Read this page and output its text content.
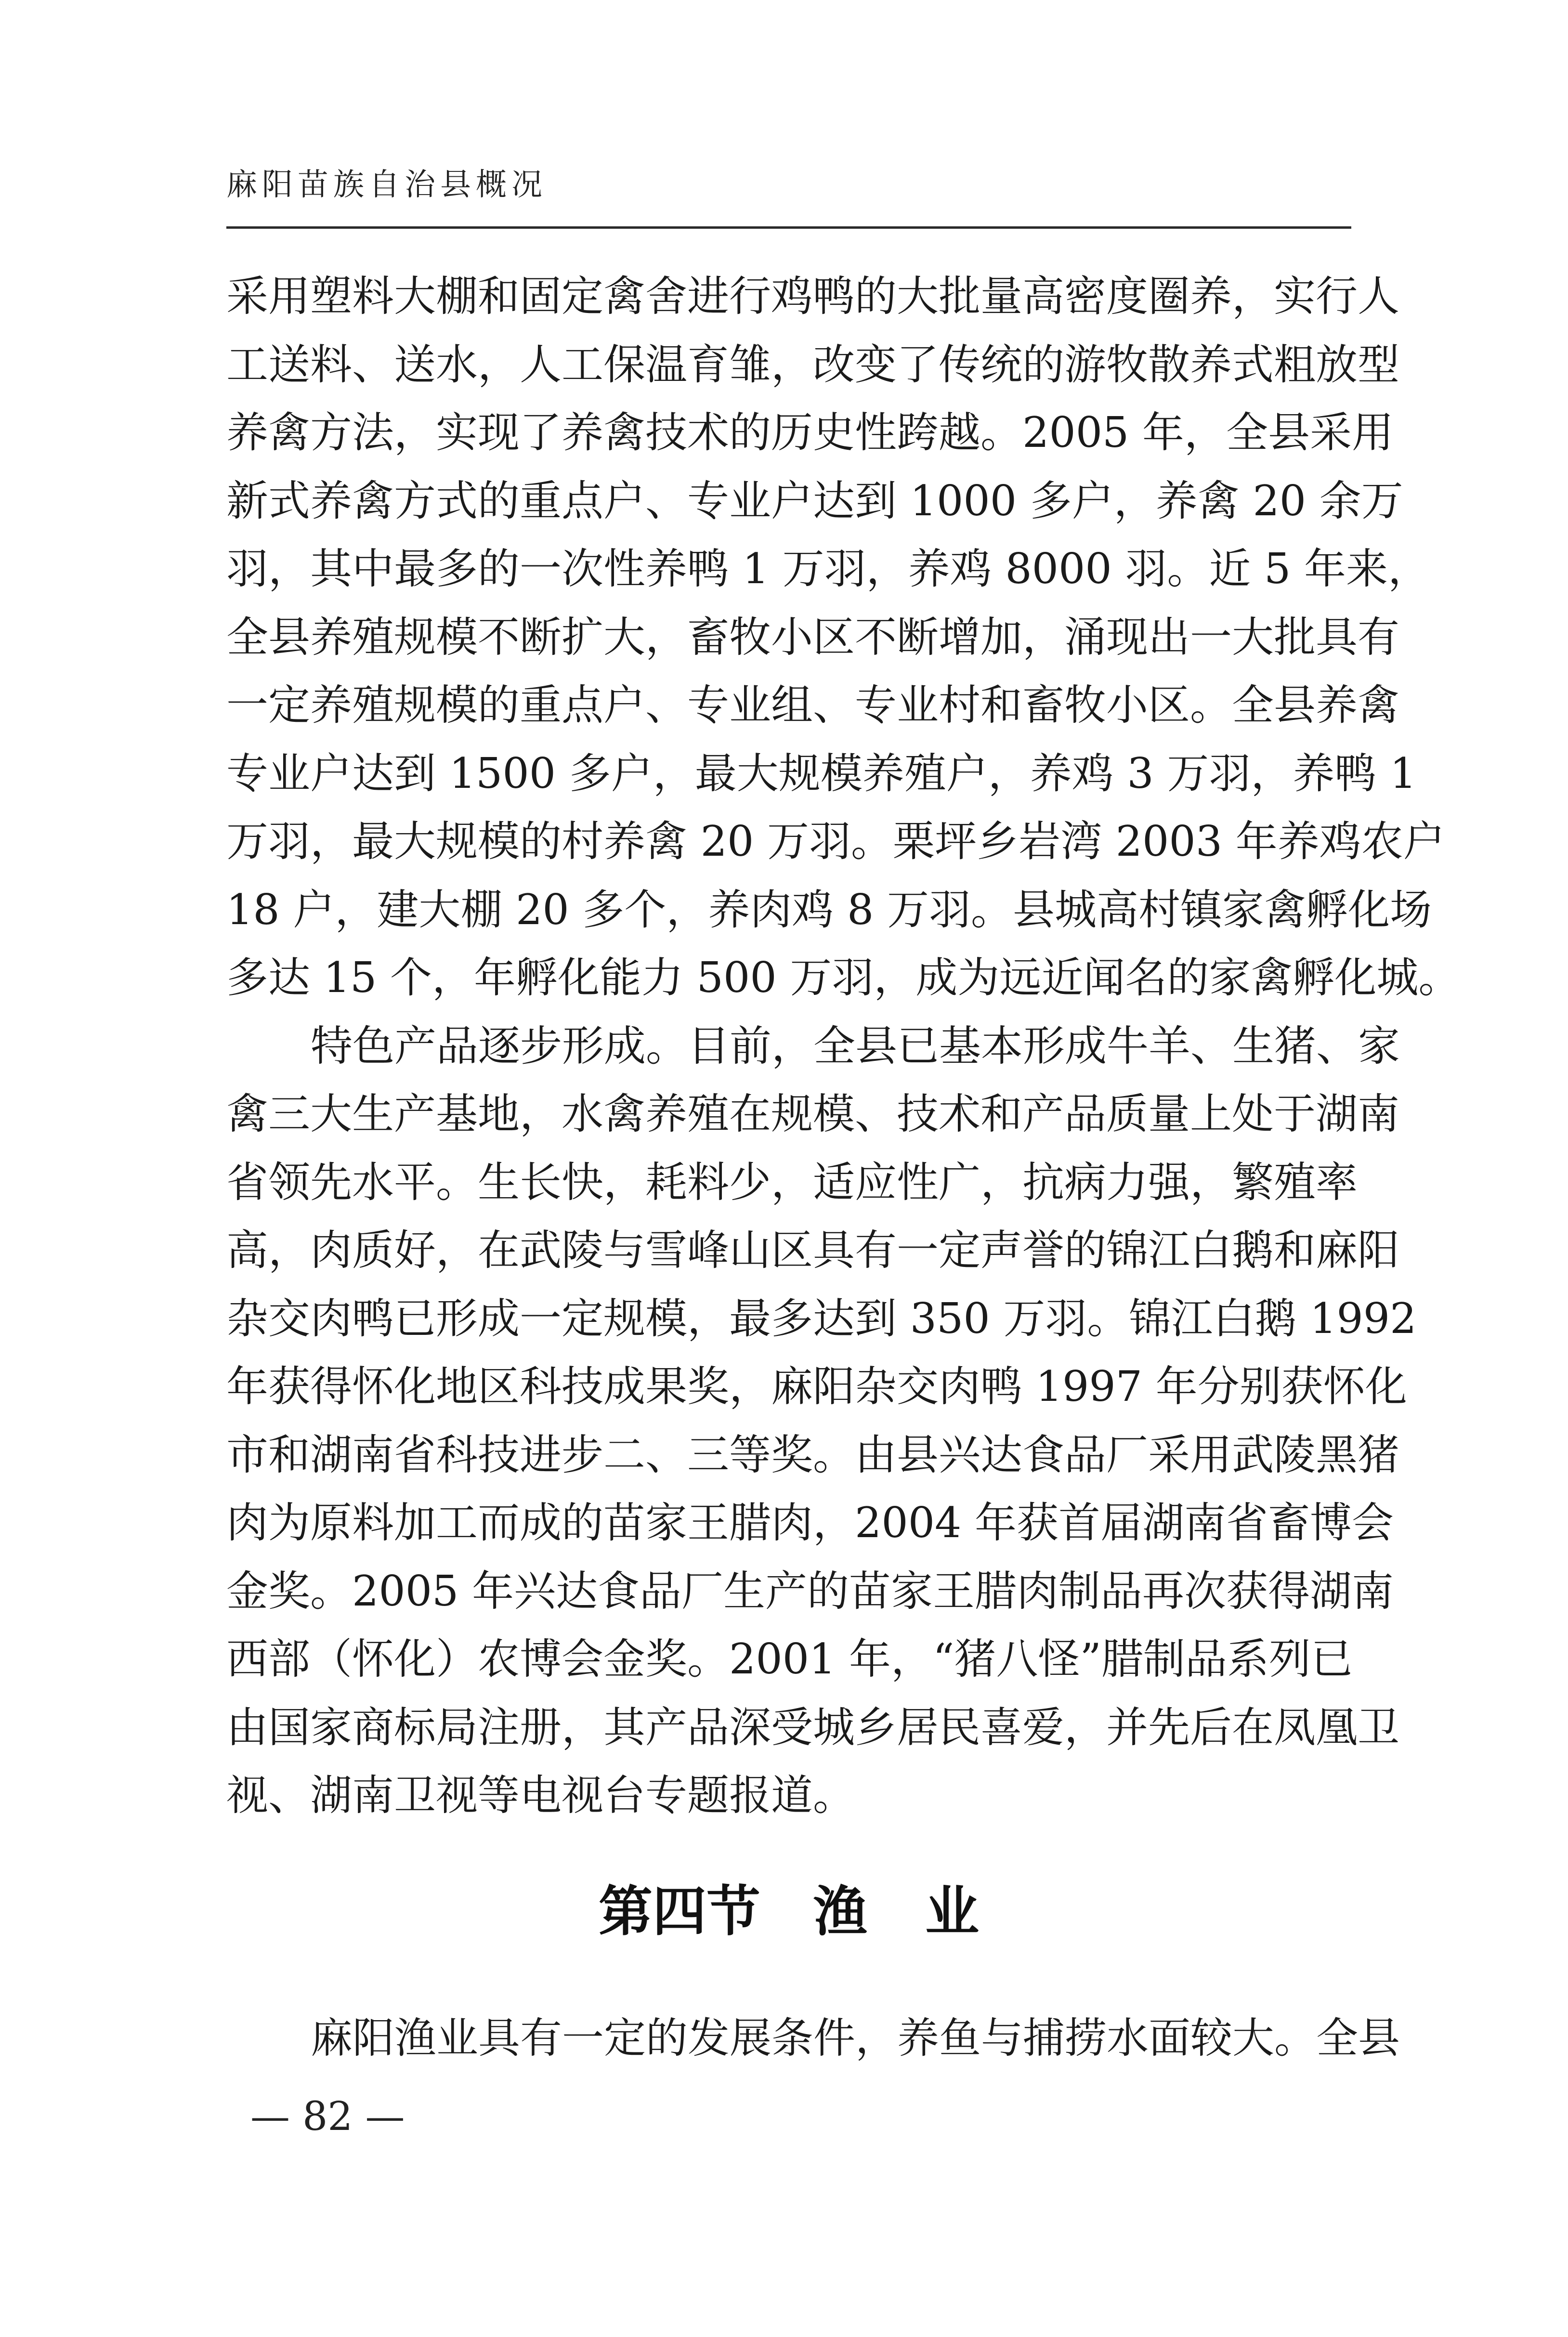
麻阳苗族自治县概况
采用塑料大棚和固定禽舍进行鸡鸭的大批量高密度圈养，实行人
工送料、送水，人工保温育雏，改变了传统的游牧散养式粗放型
养禽方法，实现了养禽技术的历史性跨越。2005 年，全县采用
新式养禽方式的重点户、专业户达到 1000 多户，养禽 20 余万
羽，其中最多的一次性养鸭 1 万羽，养鸡 8000 羽。近 5 年来，
全县养殖规模不断扩大，畜牧小区不断增加，涌现出一大批具有
一定养殖规模的重点户、专业组、专业村和畜牧小区。全县养禽
专业户达到 1500 多户，最大规模养殖户，养鸡 3 万羽，养鸭 1
万羽，最大规模的村养禽 20 万羽。栗坪乡岩湾 2003 年养鸡农户
18 户，建大棚 20 多个，养肉鸡 8 万羽。县城高村镇家禽孵化场
多达 15 个，年孵化能力 500 万羽，成为远近闻名的家禽孵化城。
特色产品逐步形成。目前，全县已基本形成牛羊、生猪、家
禽三大生产基地，水禽养殖在规模、技术和产品质量上处于湖南
省领先水平。生长快，耗料少，适应性广，抗病力强，繁殖率
高，肉质好，在武陵与雪峰山区具有一定声誉的锦江白鹅和麻阳
杂交肉鸭已形成一定规模，最多达到 350 万羽。锦江白鹅 1992
年获得怀化地区科技成果奖，麻阳杂交肉鸭 1997 年分别获怀化
市和湖南省科技进步二、三等奖。由县兴达食品厂采用武陵黑猪
肉为原料加工而成的苗家王腊肉，2004 年获首届湖南省畜博会
金奖。2005 年兴达食品厂生产的苗家王腊肉制品再次获得湖南
西部（怀化）农博会金奖。2001 年，“猪八怪”腊制品系列已
由国家商标局注册，其产品深受城乡居民喜爱，并先后在凤凰卫
视、湖南卫视等电视台专题报道。
第四节 渔 业
麻阳渔业具有一定的发展条件，养鱼与捕捞水面较大。全县
— 82 —
